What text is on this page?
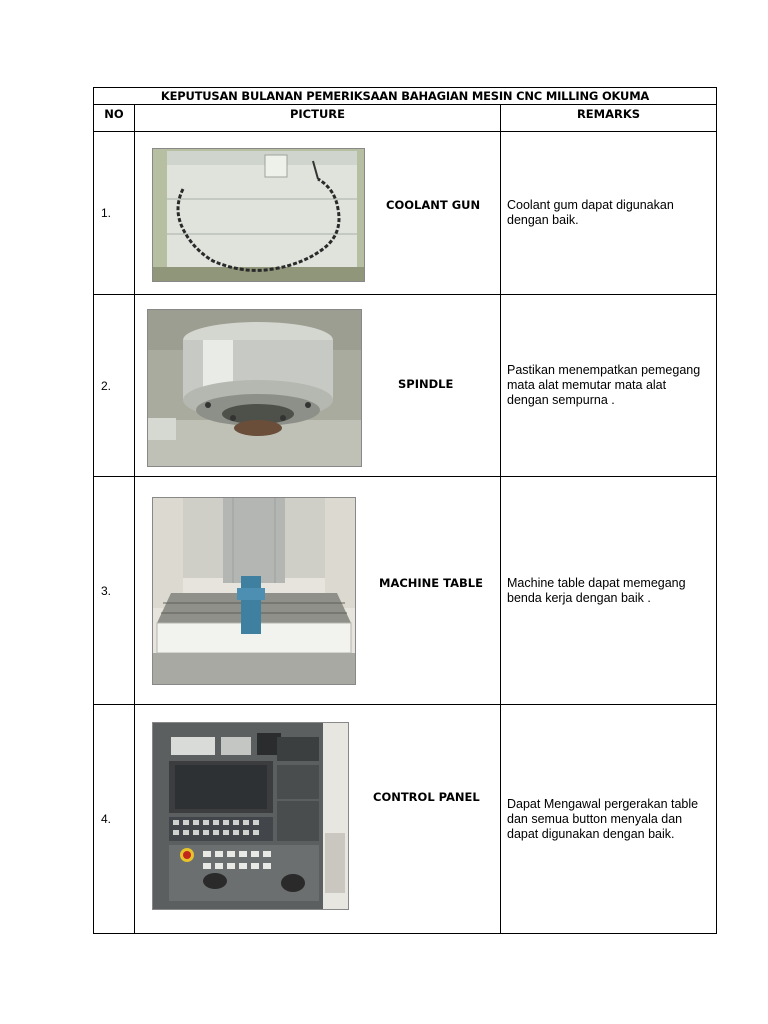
KEPUTUSAN BULANAN PEMERIKSAAN BAHAGIAN MESIN CNC MILLING OKUMA		
NO	PICTURE	REMARKS
1.	COOLANT GUN	Coolant gum dapat digunakan dengan baik.
2.	SPINDLE	Pastikan menempatkan pemegang mata alat memutar mata alat dengan sempurna .
3.	MACHINE TABLE	Machine table dapat memegang benda kerja dengan baik .
4.	CONTROL PANEL	Dapat Mengawal pergerakan table dan semua button menyala dan dapat digunakan dengan baik.
